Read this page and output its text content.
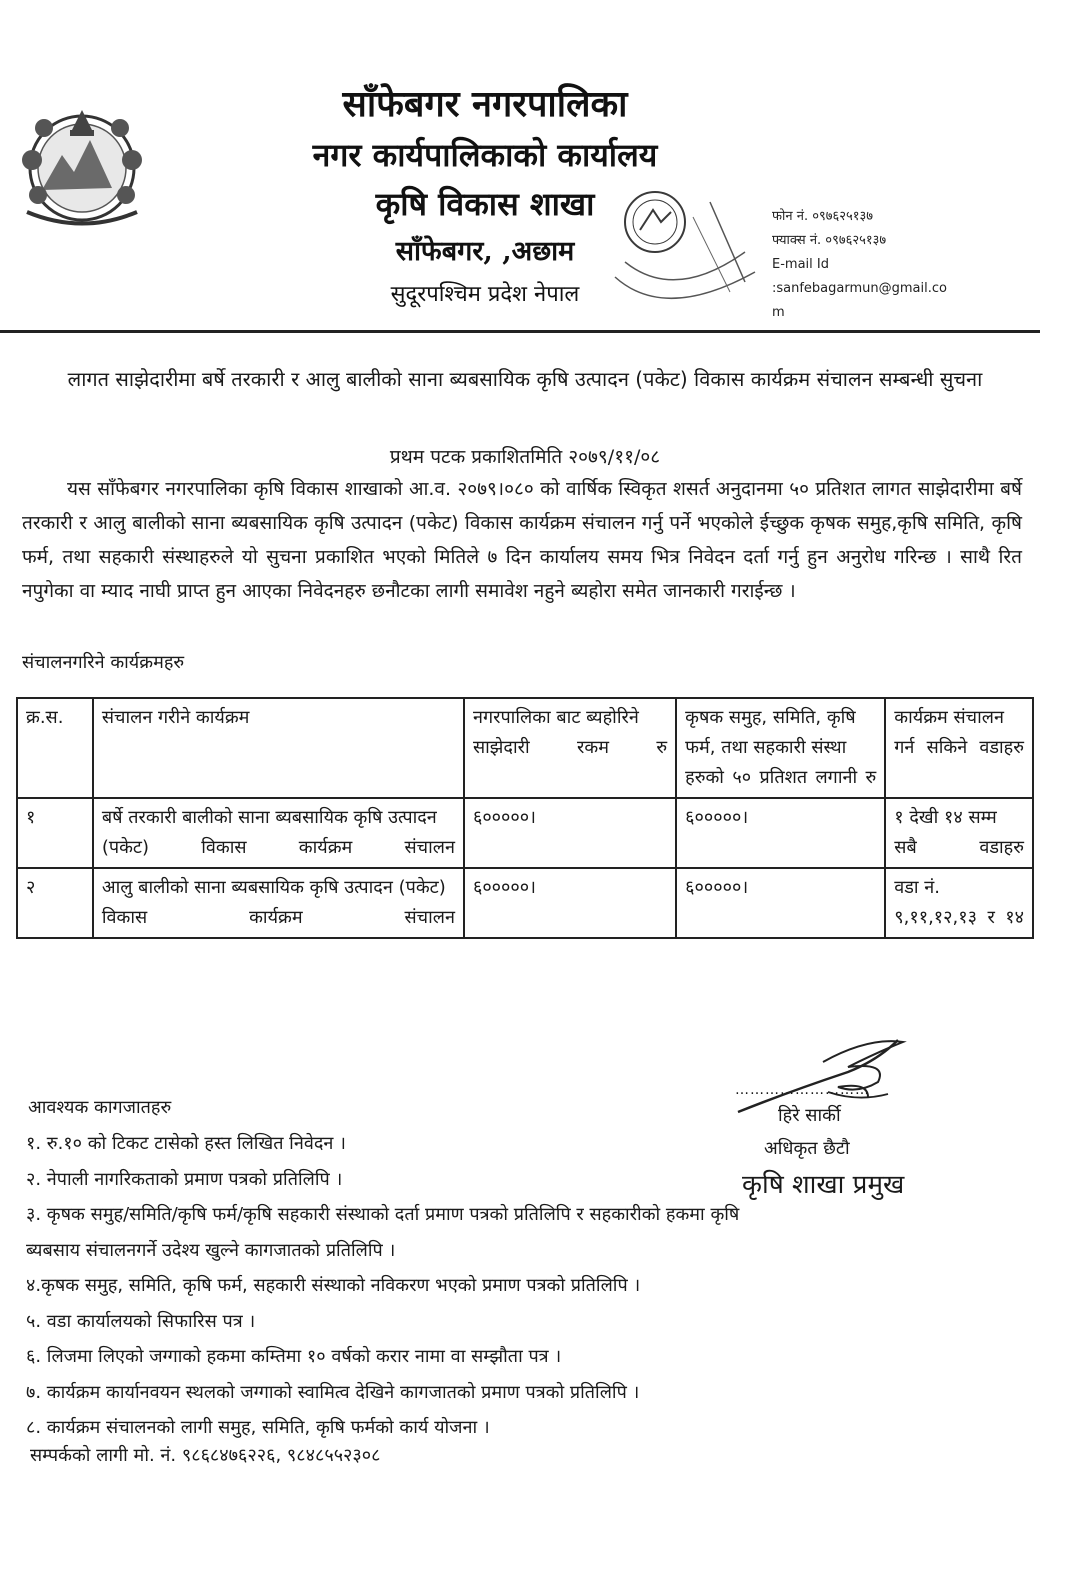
साँफेबगर नगरपालिका
नगर कार्यपालिकाको कार्यालय
कृषि विकास शाखा
साँफेबगर, ,अछाम
सुदूरपश्चिम प्रदेश नेपाल
फोन नं. ०९७६२५१३७
फ्याक्स नं. ०९७६२५१३७
E-mail Id
:sanfebagarmun@gmail.co
m
लागत साझेदारीमा बर्षे तरकारी र आलु बालीको साना ब्यबसायिक कृषि उत्पादन (पकेट) विकास कार्यक्रम संचालन सम्बन्धी सुचना
प्रथम पटक प्रकाशितमिति २०७९/११/०८
यस साँफेबगर नगरपालिका कृषि विकास शाखाको आ.व. २०७९।०८० को वार्षिक स्विकृत शसर्त अनुदानमा ५० प्रतिशत लागत साझेदारीमा बर्षे तरकारी र आलु बालीको साना ब्यबसायिक कृषि उत्पादन (पकेट) विकास कार्यक्रम संचालन गर्नु पर्ने भएकोले ईच्छुक कृषक समुह,कृषि समिति, कृषि फर्म, तथा सहकारी संस्थाहरुले यो सुचना प्रकाशित भएको मितिले ७ दिन कार्यालय समय भित्र निवेदन दर्ता गर्नु हुन अनुरोध गरिन्छ । साथै रित नपुगेका वा म्याद नाघी प्राप्त हुन आएका निवेदनहरु छनौटका लागी समावेश नहुने ब्यहोरा समेत जानकारी गराईन्छ ।
संचालनगरिने कार्यक्रमहरु
क्र.स.	संचालन गरीने कार्यक्रम	नगरपालिका बाट ब्यहोरिने साझेदारी रकम रु	कृषक समुह, समिति, कृषि फर्म, तथा सहकारी संस्था हरुको ५० प्रतिशत लगानी रु	कार्यक्रम संचालन गर्न सकिने वडाहरु
१	बर्षे तरकारी बालीको साना ब्यबसायिक कृषि उत्पादन (पकेट) विकास कार्यक्रम संचालन	६०००००।	६०००००।	१ देखी १४ सम्म सबै वडाहरु
२	आलु बालीको साना ब्यबसायिक कृषि उत्पादन (पकेट) विकास कार्यक्रम संचालन	६०००००।	६०००००।	वडा नं. ९,११,१२,१३ र १४
………………………
हिरे सार्की
अधिकृत छैटौ
कृषि शाखा प्रमुख
आवश्यक कागजातहरु
१. रु.१० को टिकट टासेको हस्त लिखित निवेदन ।
२. नेपाली नागरिकताको प्रमाण पत्रको प्रतिलिपि ।
३. कृषक समुह/समिति/कृषि फर्म/कृषि सहकारी संस्थाको दर्ता प्रमाण पत्रको प्रतिलिपि र सहकारीको हकमा कृषि
ब्यबसाय संचालनगर्ने उदेश्य खुल्ने कागजातको प्रतिलिपि ।
४.कृषक समुह, समिति, कृषि फर्म, सहकारी संस्थाको नविकरण भएको प्रमाण पत्रको प्रतिलिपि ।
५. वडा कार्यालयको सिफारिस पत्र ।
६. लिजमा लिएको जग्गाको हकमा कम्तिमा १० वर्षको करार नामा वा सम्झौता पत्र ।
७. कार्यक्रम कार्यानवयन स्थलको जग्गाको स्वामित्व देखिने कागजातको प्रमाण पत्रको प्रतिलिपि ।
८. कार्यक्रम संचालनको लागी समुह, समिति, कृषि फर्मको कार्य योजना ।
सम्पर्कको लागी मो. नं. ९८६८४७६२२६, ९८४८५५२३०८
